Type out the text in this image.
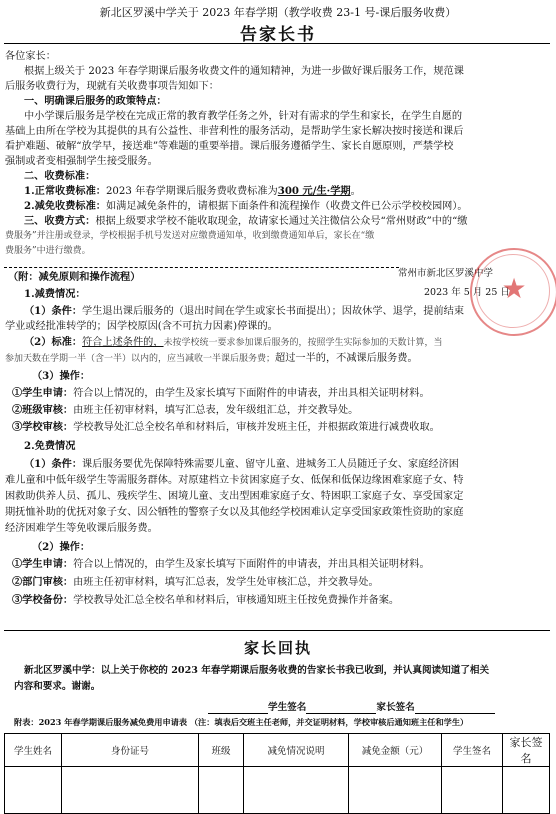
新北区罗溪中学关于 2023 年春学期（教学收费 23-1 号-课后服务收费）
告家长书
各位家长：
根据上级关于 2023 年春学期课后服务收费文件的通知精神，为进一步做好课后服务工作，规范课
后服务收费行为，现就有关收费事项告知如下：
一、明确课后服务的政策特点：
中小学课后服务是学校在完成正常的教育教学任务之外，针对有需求的学生和家长，在学生自愿的
基础上由所在学校为其提供的具有公益性、非营利性的服务活动，是帮助学生家长解决按时接送和课后
看护难题、破解“放学早，接送难”等难题的重要举措。课后服务遵循学生、家长自愿原则，严禁学校
强制或者变相强制学生接受服务。
二、收费标准：
1.正常收费标准：2023 年春学期课后服务费收费标准为300 元/生·学期。
2.减免收费标准：如满足减免条件的，请根据下面条件和流程操作（收费文件已公示学校校园网）。
三、收费方式：根据上级要求学校不能收取现金，故请家长通过关注微信公众号“常州财政”中的“缴
费服务”并注册或登录，学校根据手机号发送对应缴费通知单，收到缴费通知单后，家长在“缴
费服务”中进行缴费。
常州市新北区罗溪中学
2023 年 5 月 25 日
★
（附：减免原则和操作流程）
1.减费情况：
（1）条件：学生退出课后服务的（退出时间在学生或家长书面提出）；因故休学、退学，提前结束
学业或经批准转学的；因学校原因(含不可抗力因素)停课的。
（2）标准：符合上述条件的，未按学校统一要求参加课后服务的，按照学生实际参加的天数计算，当
参加天数在学期一半（含一半）以内的，应当减收一半课后服务费；超过一半的，不减课后服务费。
（3）操作：
①学生申请：符合以上情况的，由学生及家长填写下面附件的申请表，并出具相关证明材料。
②班级审核：由班主任初审材料，填写汇总表，发年级组汇总，并交教导处。
③学校审核：学校教导处汇总全校名单和材料后，审核并发班主任，并根据政策进行减费收取。
2.免费情况
（1）条件：课后服务要优先保障特殊需要儿童、留守儿童、进城务工人员随迁子女、家庭经济困
难儿童和中低年级学生等需服务群体。对原建档立卡贫困家庭子女、低保和低保边缘困难家庭子女、特
困救助供养人员、孤儿、残疾学生、困境儿童、支出型困难家庭子女、特困职工家庭子女、享受国家定
期抚恤补助的优抚对象子女、因公牺牲的警察子女以及其他经学校困难认定享受国家政策性资助的家庭
经济困难学生等免收课后服务费。
（2）操作：
①学生申请：符合以上情况的，由学生及家长填写下面附件的申请表，并出具相关证明材料。
②部门审核：由班主任初审材料，填写汇总表，发学生处审核汇总，并交教导处。
③学校备份：学校教导处汇总全校名单和材料后，审核通知班主任按免费操作并备案。
家长回执
新北区罗溪中学：以上关于你校的 2023 年春学期课后服务收费的告家长书我已收到，并认真阅读知道了相关
内容和要求。谢谢。
学生签名	家长签名
附表：2023 年春学期课后服务减免费用申请表 （注：填表后交班主任老师，并交证明材料，学校审核后通知班主任和学生）
学生姓名	身份证号	班级	减免情况说明	减免金额（元）	学生签名	家长签名
